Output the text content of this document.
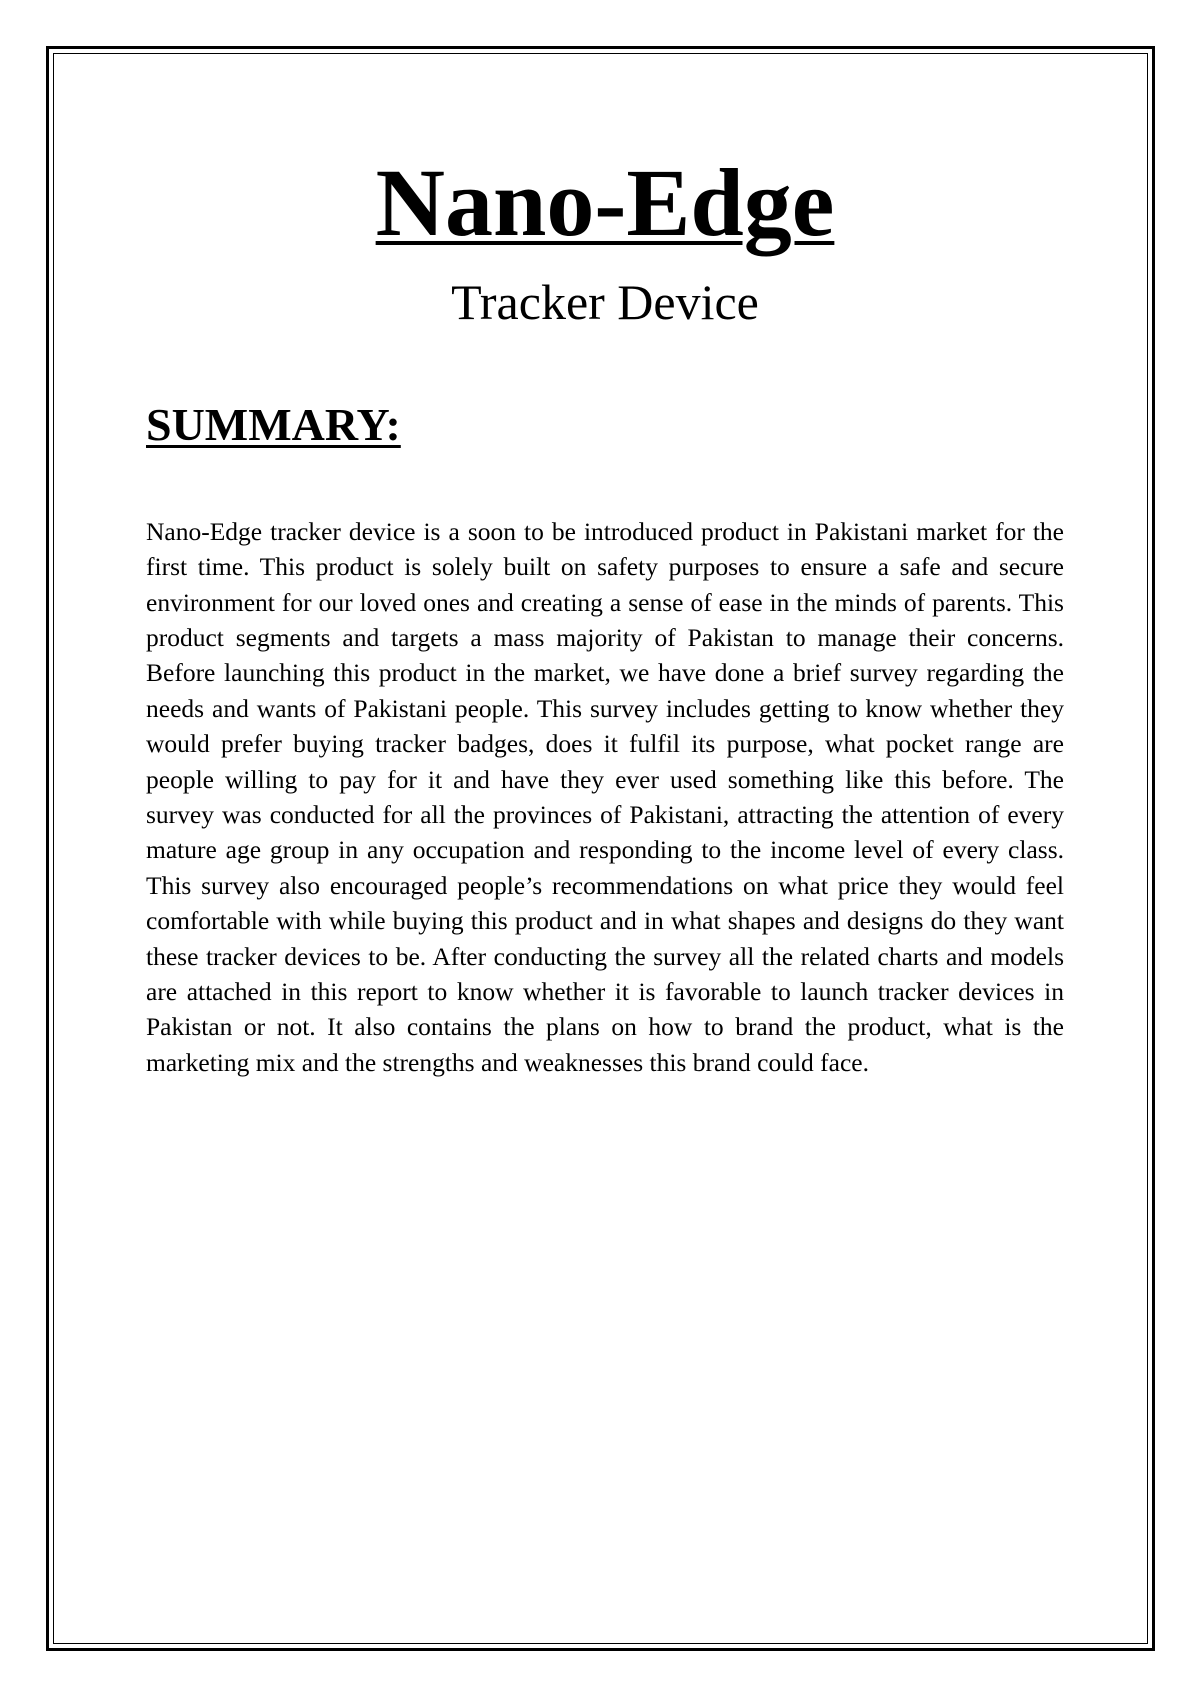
Nano-Edge
Tracker Device
SUMMARY:

Nano-Edge tracker device is a soon to be introduced product in Pakistani market for the first time. This product is solely built on safety purposes to ensure a safe and secure environment for our loved ones and creating a sense of ease in the minds of parents. This product segments and targets a mass majority of Pakistan to manage their concerns. Before launching this product in the market, we have done a brief survey regarding the needs and wants of Pakistani people. This survey includes getting to know whether they would prefer buying tracker badges, does it fulfil its purpose, what pocket range are people willing to pay for it and have they ever used something like this before. The survey was conducted for all the provinces of Pakistani, attracting the attention of every mature age group in any occupation and responding to the income level of every class. This survey also encouraged people’s recommendations on what price they would feel comfortable with while buying this product and in what shapes and designs do they want these tracker devices to be. After conducting the survey all the related charts and models are attached in this report to know whether it is favorable to launch tracker devices in Pakistan or not. It also contains the plans on how to brand the product, what is the marketing mix and the strengths and weaknesses this brand could face.
